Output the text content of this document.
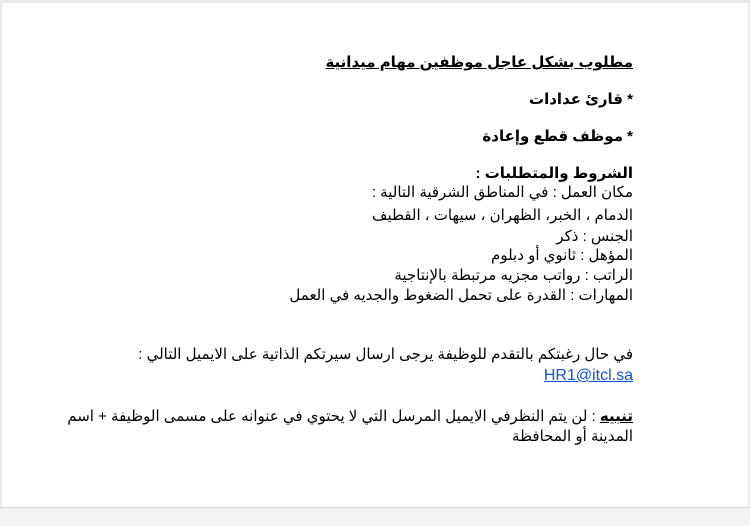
مطلوب بشكل عاجل موظفين مهام ميدانية
* قارئ عدادات
* موظف قطع وإعادة
الشروط والمتطلبات :
مكان العمل : في المناطق الشرقية التالية :
الدمام ، الخبر، الظهران ، سيهات ، القطيف
الجنس : ذكر
المؤهل : ثانوي أو دبلوم
الراتب : رواتب مجزيه مرتبطة بالإنتاجية
المهارات : القدرة على تحمل الضغوط والجديه في العمل
في حال رغبتكم بالتقدم للوظيفة يرجى ارسال سيرتكم الذاتية على الايميل التالي :
HR1@itcl.sa
تنبيه : لن يتم النظرفي الايميل المرسل التي لا يحتوي في عنوانه على مسمى الوظيفة + اسم
المدينة أو المحافظة
